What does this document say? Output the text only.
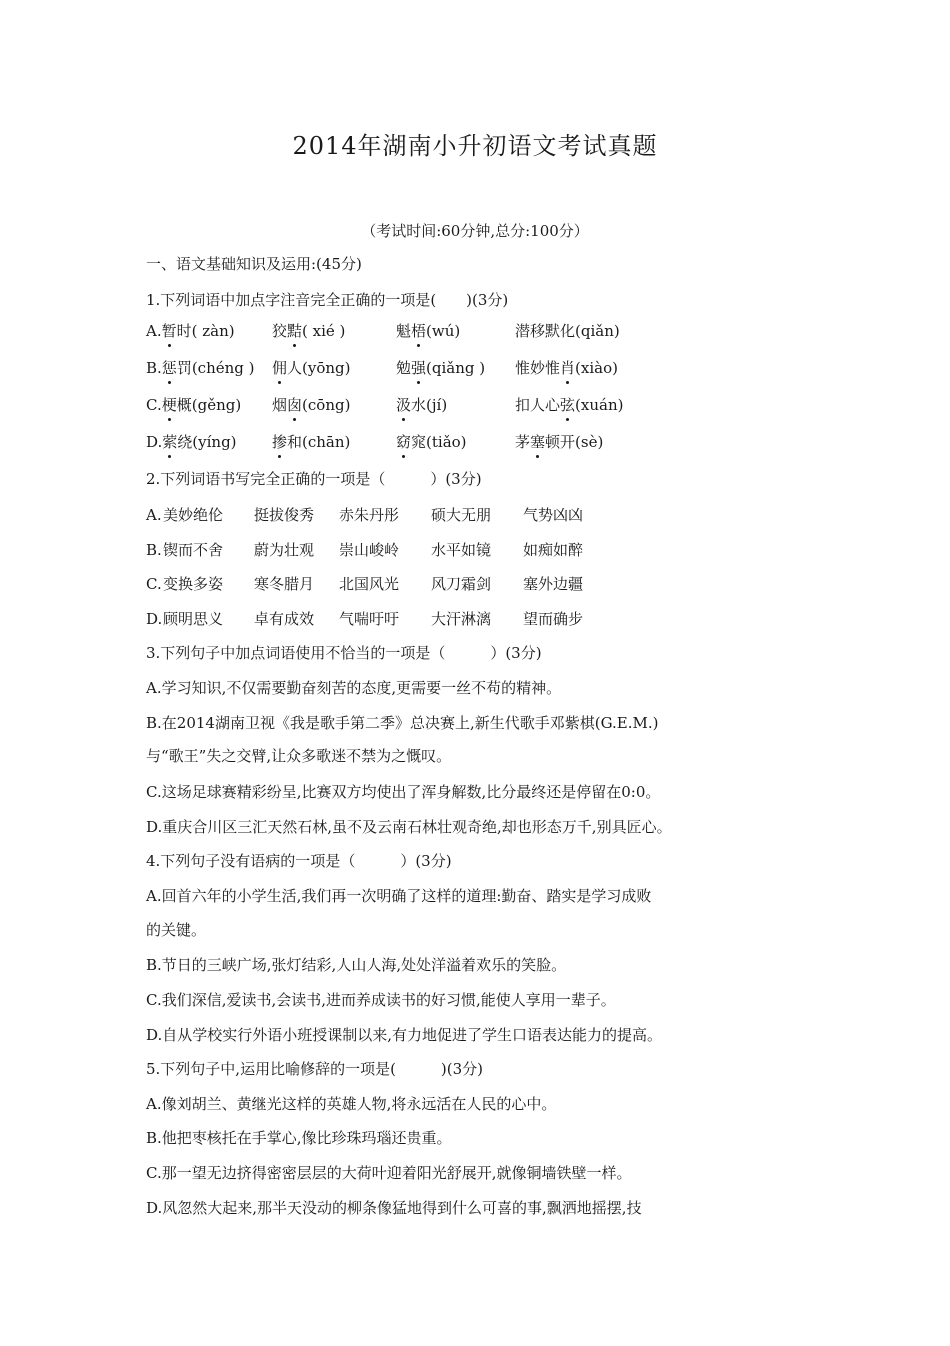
2014年湖南小升初语文考试真题
（考试时间:60分钟,总分:100分）
一、语文基础知识及运用:(45分)
1.下列词语中加点字注音完全正确的一项是(　　)(3分)
A.暂时( zàn) 狡黠( xié )	魁梧(wú)	潜移默化(qiǎn)
B.惩罚(chéng ) 佣人(yōng)	勉强(qiǎng ) 惟妙惟肖(xiào)
C.梗概(gěng) 烟囱(cōng)	汲水(jí)	扣人心弦(xuán)
D.萦绕(yíng) 掺和(chān)	窈窕(tiǎo)	茅塞顿开(sè)
2.下列词语书写完全正确的一项是（　　　）(3分)
A. 美妙绝伦 挺拔俊秀 赤朱丹彤 硕大无朋 气势凶凶
B. 锲而不舍 蔚为壮观 崇山峻岭 水平如镜 如痴如醉
C. 变换多姿 寒冬腊月 北国风光 风刀霜剑 塞外边疆
D. 顾明思义 卓有成效 气喘吁吁 大汗淋漓 望而确步
3.下列句子中加点词语使用不恰当的一项是（　　　）(3分)
A.学习知识,不仅需要勤奋刻苦的态度,更需要一丝不苟的精神。
B.在2014湖南卫视《我是歌手第二季》总决赛上,新生代歌手邓紫棋(G.E.M.)
与“歌王”失之交臂,让众多歌迷不禁为之慨叹。
C.这场足球赛精彩纷呈,比赛双方均使出了浑身解数,比分最终还是停留在0:0。
D.重庆合川区三汇天然石林,虽不及云南石林壮观奇绝,却也形态万千,别具匠心。
4.下列句子没有语病的一项是（　　　）(3分)
A.回首六年的小学生活,我们再一次明确了这样的道理:勤奋、踏实是学习成败
的关键。
B.节日的三峡广场,张灯结彩,人山人海,处处洋溢着欢乐的笑脸。
C.我们深信,爱读书,会读书,进而养成读书的好习惯,能使人享用一辈子。
D.自从学校实行外语小班授课制以来,有力地促进了学生口语表达能力的提高。
5.下列句子中,运用比喻修辞的一项是(　　　)(3分)
A.像刘胡兰、黄继光这样的英雄人物,将永远活在人民的心中。
B.他把枣核托在手掌心,像比珍珠玛瑙还贵重。
C.那一望无边挤得密密层层的大荷叶迎着阳光舒展开,就像铜墙铁壁一样。
D.风忽然大起来,那半天没动的柳条像猛地得到什么可喜的事,飘洒地摇摆,技
